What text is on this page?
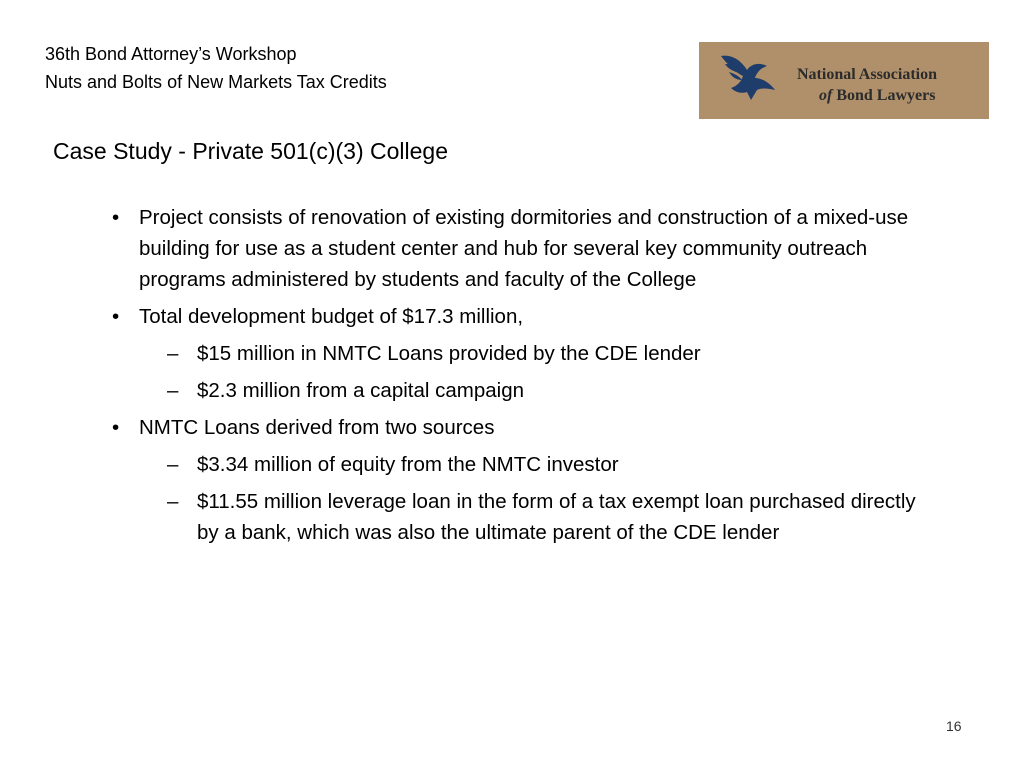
36th Bond Attorney’s Workshop
Nuts and Bolts of New Markets Tax Credits	National Association
of Bond Lawyers
Case Study - Private 501(c)(3) College
• Project consists of renovation of existing dormitories and construction of a mixed-use building for use as a student center and hub for several key community outreach programs administered by students and faculty of the College
• Total development budget of $17.3 million,
– $15 million in NMTC Loans provided by the CDE lender
– $2.3 million from a capital campaign
• NMTC Loans derived from two sources
– $3.34 million of equity from the NMTC investor
– $11.55 million leverage loan in the form of a tax exempt loan purchased directly by a bank, which was also the ultimate parent of the CDE lender
16
